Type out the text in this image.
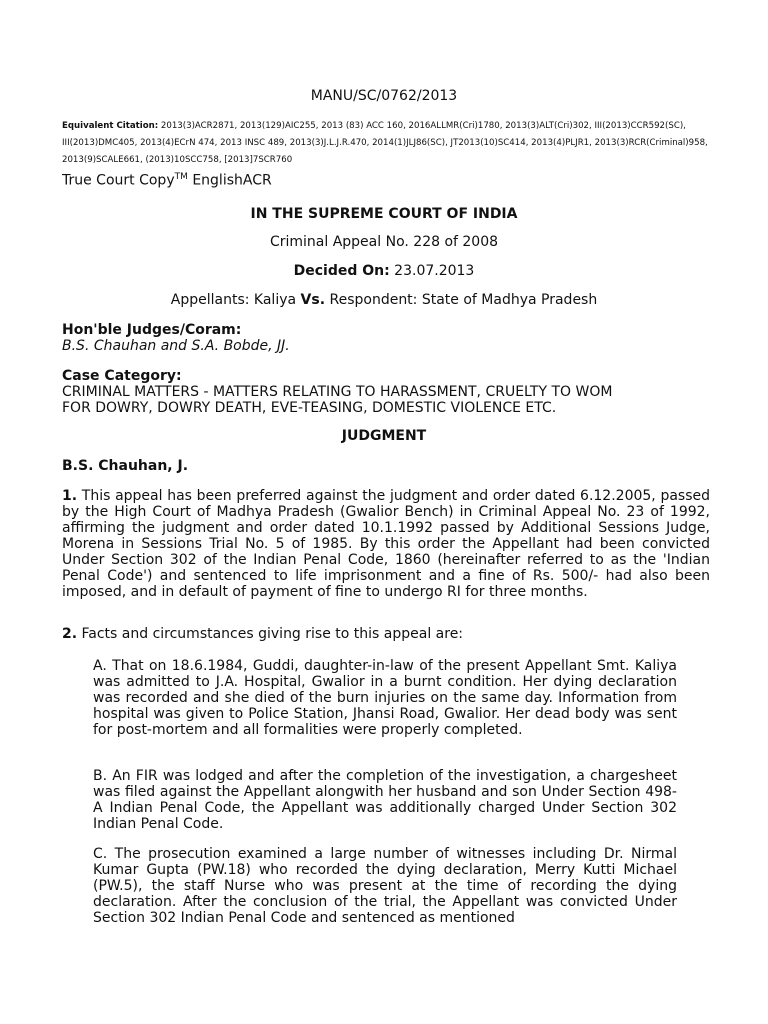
MANU/SC/0762/2013
Equivalent Citation: 2013(3)ACR2871, 2013(129)AIC255, 2013 (83) ACC 160, 2016ALLMR(Cri)1780, 2013(3)ALT(Cri)302, III(2013)CCR592(SC), III(2013)DMC405, 2013(4)ECrN 474, 2013 INSC 489, 2013(3)J.L.J.R.470, 2014(1)JLJ86(SC), JT2013(10)SC414, 2013(4)PLJR1, 2013(3)RCR(Criminal)958, 2013(9)SCALE661, (2013)10SCC758, [2013]7SCR760
True Court Copy™ EnglishACR
IN THE SUPREME COURT OF INDIA
Criminal Appeal No. 228 of 2008
Decided On: 23.07.2013
Appellants: Kaliya Vs. Respondent: State of Madhya Pradesh
Hon'ble Judges/Coram:
B.S. Chauhan and S.A. Bobde, JJ.
Case Category:
CRIMINAL MATTERS - MATTERS RELATING TO HARASSMENT, CRUELTY TO WOM
FOR DOWRY, DOWRY DEATH, EVE-TEASING, DOMESTIC VIOLENCE ETC.
JUDGMENT
B.S. Chauhan, J.
1. This appeal has been preferred against the judgment and order dated 6.12.2005, passed by the High Court of Madhya Pradesh (Gwalior Bench) in Criminal Appeal No. 23 of 1992, affirming the judgment and order dated 10.1.1992 passed by Additional Sessions Judge, Morena in Sessions Trial No. 5 of 1985. By this order the Appellant had been convicted Under Section 302 of the Indian Penal Code, 1860 (hereinafter referred to as the 'Indian Penal Code') and sentenced to life imprisonment and a fine of Rs. 500/- had also been imposed, and in default of payment of fine to undergo RI for three months.
2. Facts and circumstances giving rise to this appeal are:
A. That on 18.6.1984, Guddi, daughter-in-law of the present Appellant Smt. Kaliya was admitted to J.A. Hospital, Gwalior in a burnt condition. Her dying declaration was recorded and she died of the burn injuries on the same day. Information from hospital was given to Police Station, Jhansi Road, Gwalior. Her dead body was sent for post-mortem and all formalities were properly completed.
B. An FIR was lodged and after the completion of the investigation, a chargesheet was filed against the Appellant alongwith her husband and son Under Section 498-A Indian Penal Code, the Appellant was additionally charged Under Section 302 Indian Penal Code.
C. The prosecution examined a large number of witnesses including Dr. Nirmal Kumar Gupta (PW.18) who recorded the dying declaration, Merry Kutti Michael (PW.5), the staff Nurse who was present at the time of recording the dying declaration. After the conclusion of the trial, the Appellant was convicted Under Section 302 Indian Penal Code and sentenced as mentioned
